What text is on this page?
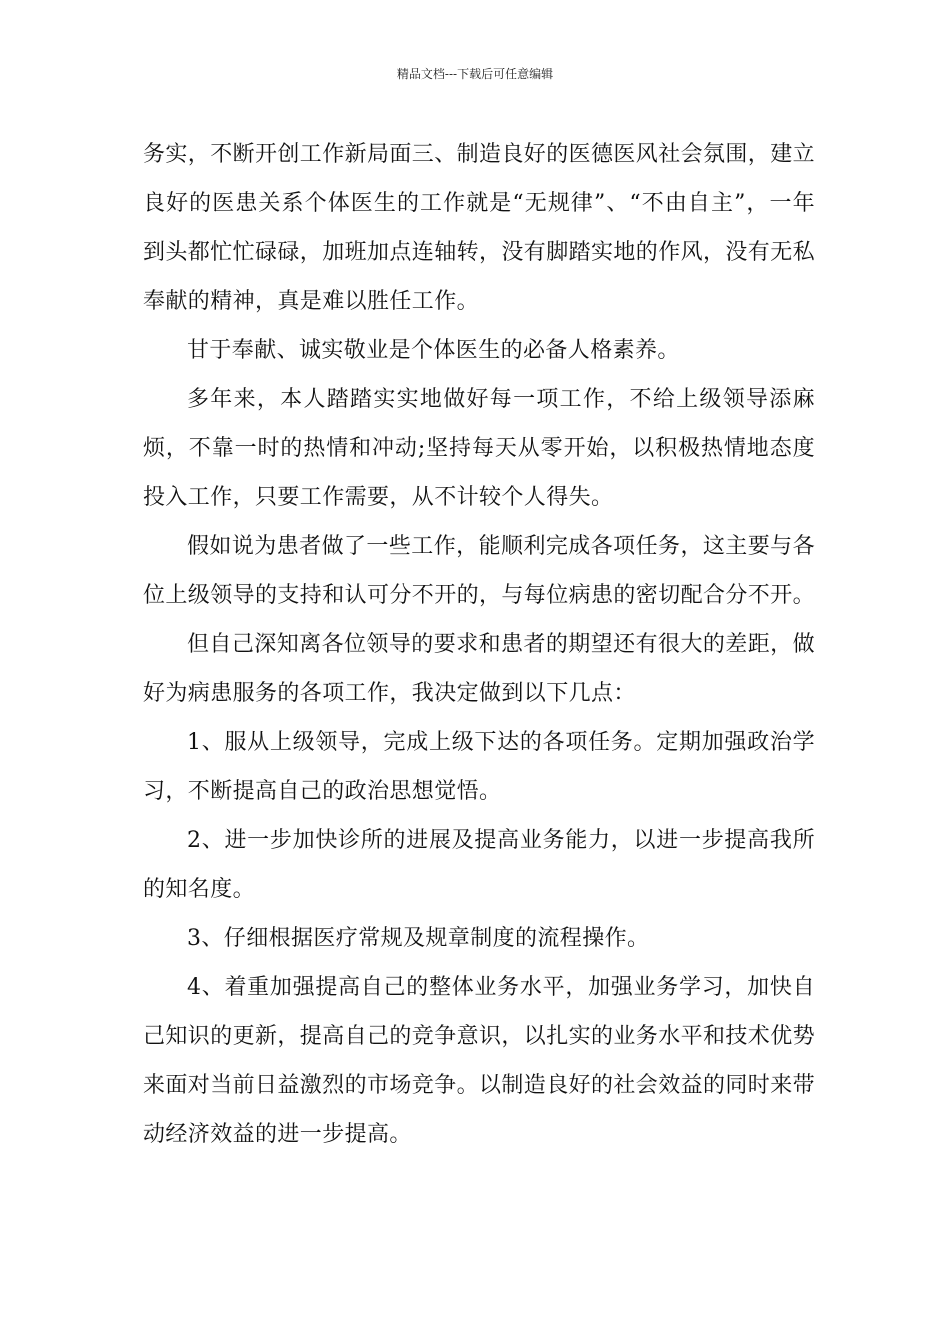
精品文档---下载后可任意编辑

务实，不断开创工作新局面三、制造良好的医德医风社会氛围，建立良好的医患关系个体医生的工作就是“无规律”、“不由自主”，一年到头都忙忙碌碌，加班加点连轴转，没有脚踏实地的作风，没有无私奉献的精神，真是难以胜任工作。

甘于奉献、诚实敬业是个体医生的必备人格素养。

多年来，本人踏踏实实地做好每一项工作，不给上级领导添麻烦，不靠一时的热情和冲动;坚持每天从零开始，以积极热情地态度投入工作，只要工作需要，从不计较个人得失。

假如说为患者做了一些工作，能顺利完成各项任务，这主要与各位上级领导的支持和认可分不开的，与每位病患的密切配合分不开。

但自己深知离各位领导的要求和患者的期望还有很大的差距，做好为病患服务的各项工作，我决定做到以下几点：

1、服从上级领导，完成上级下达的各项任务。定期加强政治学习，不断提高自己的政治思想觉悟。

2、进一步加快诊所的进展及提高业务能力，以进一步提高我所的知名度。

3、仔细根据医疗常规及规章制度的流程操作。

4、着重加强提高自己的整体业务水平，加强业务学习，加快自己知识的更新，提高自己的竞争意识，以扎实的业务水平和技术优势来面对当前日益激烈的市场竞争。以制造良好的社会效益的同时来带动经济效益的进一步提高。
